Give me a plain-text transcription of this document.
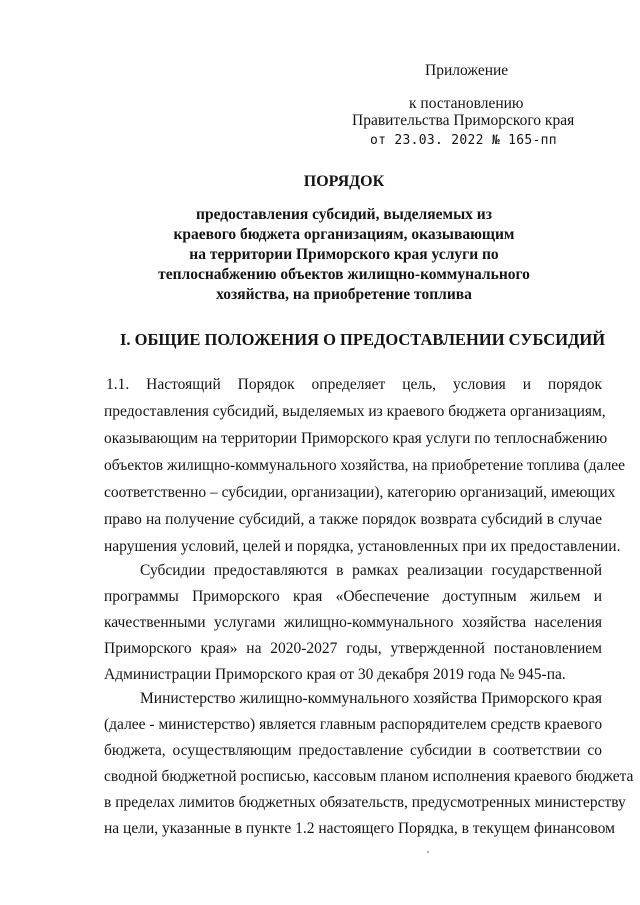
Приложение
к постановлению
Правительства Приморского края
от 23.03. 2022 № 165-пп
ПОРЯДОК
предоставления субсидий, выделяемых из
краевого бюджета организациям, оказывающим
на территории Приморского края услуги по
теплоснабжению объектов жилищно-коммунального
хозяйства, на приобретение топлива
I. ОБЩИЕ ПОЛОЖЕНИЯ О ПРЕДОСТАВЛЕНИИ СУБСИДИЙ
1.1. Настоящий Порядок определяет цель, условия и порядок
предоставления субсидий, выделяемых из краевого бюджета организациям,
оказывающим на территории Приморского края услуги по теплоснабжению
объектов жилищно-коммунального хозяйства, на приобретение топлива (далее
соответственно – субсидии, организации), категорию организаций, имеющих
право на получение субсидий, а также порядок возврата субсидий в случае
нарушения условий, целей и порядка, установленных при их предоставлении.
Субсидии предоставляются в рамках реализации государственной
программы Приморского края «Обеспечение доступным жильем и
качественными услугами жилищно-коммунального хозяйства населения
Приморского края» на 2020-2027 годы, утвержденной постановлением
Администрации Приморского края от 30 декабря 2019 года № 945-па.
Министерство жилищно-коммунального хозяйства Приморского края
(далее - министерство) является главным распорядителем средств краевого
бюджета, осуществляющим предоставление субсидии в соответствии со
сводной бюджетной росписью, кассовым планом исполнения краевого бюджета
в пределах лимитов бюджетных обязательств, предусмотренных министерству
на цели, указанные в пункте 1.2 настоящего Порядка, в текущем финансовом
